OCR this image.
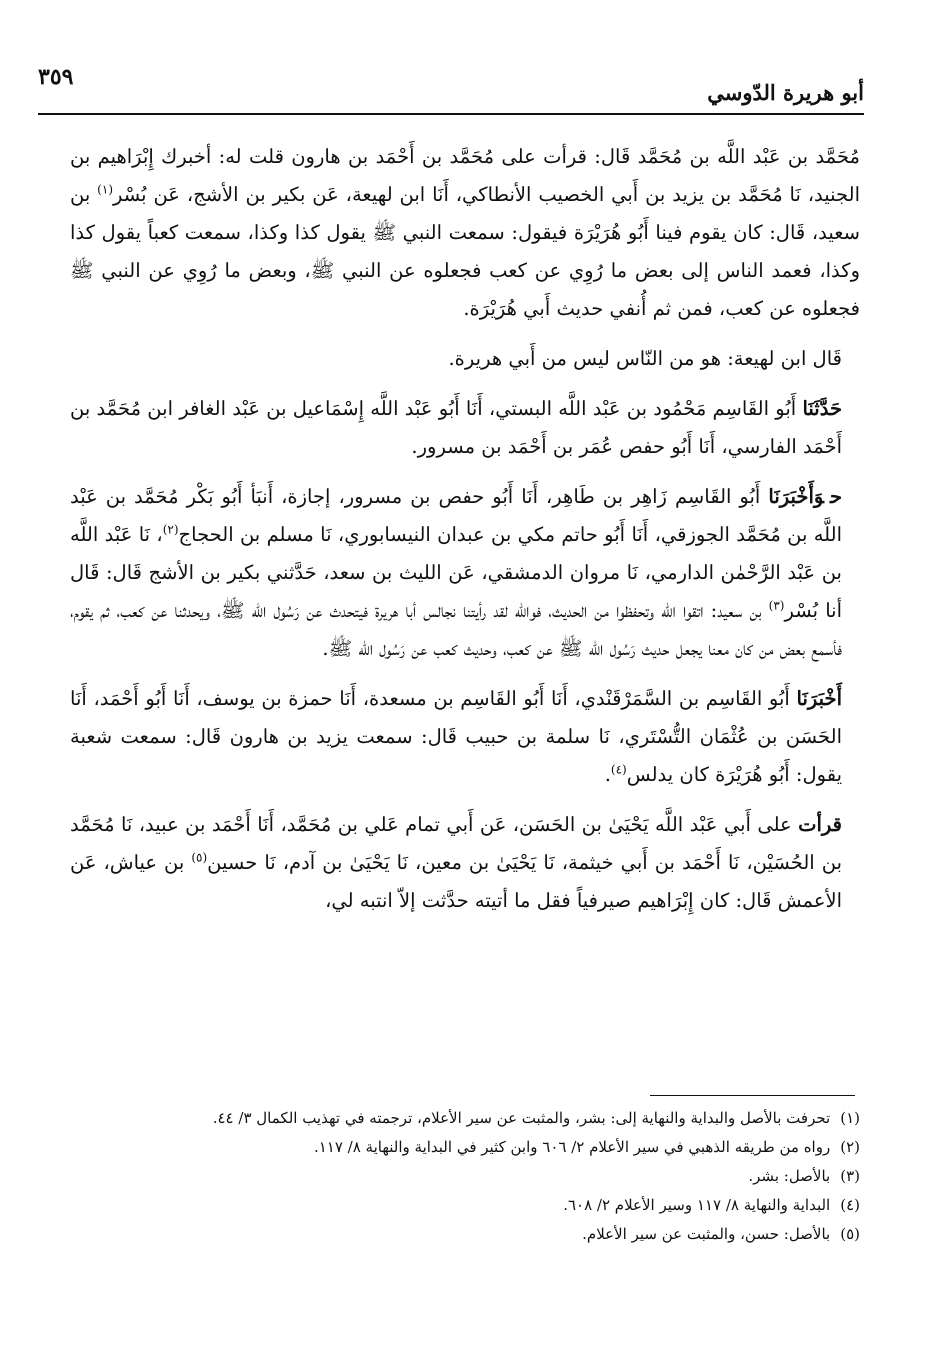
أبو هريرة الدّوسي
٣٥٩

مُحَمَّد بن عَبْد اللَّه بن مُحَمَّد قَال: قرأت على مُحَمَّد بن أَحْمَد بن هارون قلت له: أخبرك إِبْرَاهيم بن الجنيد، نَا مُحَمَّد بن يزيد بن أَبي الخصيب الأنطاكي، أَنَا ابن لهيعة، عَن بكير بن الأشج، عَن بُسْر$^{(١)}$ بن سعيد، قَال: كان يقوم فينا أَبُو هُرَيْرَة فيقول: سمعت النبي ﷺ يقول كذا وكذا، سمعت كعباً يقول كذا وكذا، فعمد الناس إلى بعض ما رُوِي عن كعب فجعلوه عن النبي ﷺ، وبعض ما رُوِي عن النبي ﷺ فجعلوه عن كعب، فمن ثم أُنفي حديث أَبي هُرَيْرَة.

قَال ابن لهيعة: هو من النّاس ليس من أَبي هريرة.

حَدَّثَنَا أَبُو القَاسِم مَحْمُود بن عَبْد اللَّه البستي، أَنَا أَبُو عَبْد اللَّه إِسْمَاعيل بن عَبْد الغافر ابن مُحَمَّد بن أَحْمَد الفارسي، أَنَا أَبُو حفص عُمَر بن أَحْمَد بن مسرور.

حوَأَخْبَرَنَا أَبُو القَاسِم زَاهِر بن طَاهِر، أَنَا أَبُو حفص بن مسرور، إجازة، أَنبَأ أَبُو بَكْر مُحَمَّد بن عَبْد اللَّه بن مُحَمَّد الجوزقي، أَنَا أَبُو حاتم مكي بن عبدان النيسابوري، نَا مسلم بن الحجاج$^{(٢)}$، نَا عَبْد اللَّه بن عَبْد الرَّحْمٰن الدارمي، نَا مروان الدمشقي، عَن الليث بن سعد، حَدَّثني بكير بن الأشج قَال: قَال أنا بُسْر$^{(٣)}$ بن سعيد: اتقوا الله وتحفظوا من الحديث، فوالله لقد رأيتنا نجالس أبا هريرة فيتحدث عن رَسُول الله ﷺ، ويحدثنا عن كعب، ثم يقوم، فأسمع بعض من كان معنا يجعل حديث رَسُول الله ﷺ عن كعب، وحديث كعب عن رَسُول الله ﷺ.

أَخْبَرَنَا أَبُو القَاسِم بن السَّمَرْقَنْدي، أَنَا أَبُو القَاسِم بن مسعدة، أَنَا حمزة بن يوسف، أَنَا أَبُو أَحْمَد، أَنَا الحَسَن بن عُثْمَان التُّسْتَري، نَا سلمة بن حبيب قَال: سمعت يزيد بن هارون قَال: سمعت شعبة يقول: أَبُو هُرَيْرَة كان يدلس$^{(٤)}$.

قرأت على أَبي عَبْد اللَّه يَحْيَىٰ بن الحَسَن، عَن أَبي تمام عَلي بن مُحَمَّد، أَنَا أَحْمَد بن عبيد، نَا مُحَمَّد بن الحُسَيْن، نَا أَحْمَد بن أَبي خيثمة، نَا يَحْيَىٰ بن معين، نَا يَحْيَىٰ بن آدم، نَا حسين$^{(٥)}$ بن عياش، عَن الأعمش قَال: كان إِبْرَاهيم صيرفياً فقل ما أتيته حدَّثت إلاّ انتبه لي،

(١)تحرفت بالأصل والبداية والنهاية إلى: بشر، والمثبت عن سير الأعلام، ترجمته في تهذيب الكمال ٣/ ٤٤.
(٢)رواه من طريقه الذهبي في سير الأعلام ٢/ ٦٠٦ وابن كثير في البداية والنهاية ٨/ ١١٧.
(٣)بالأصل: بشر.
(٤)البداية والنهاية ٨/ ١١٧ وسير الأعلام ٢/ ٦٠٨.
(٥)بالأصل: حسن، والمثبت عن سير الأعلام.
